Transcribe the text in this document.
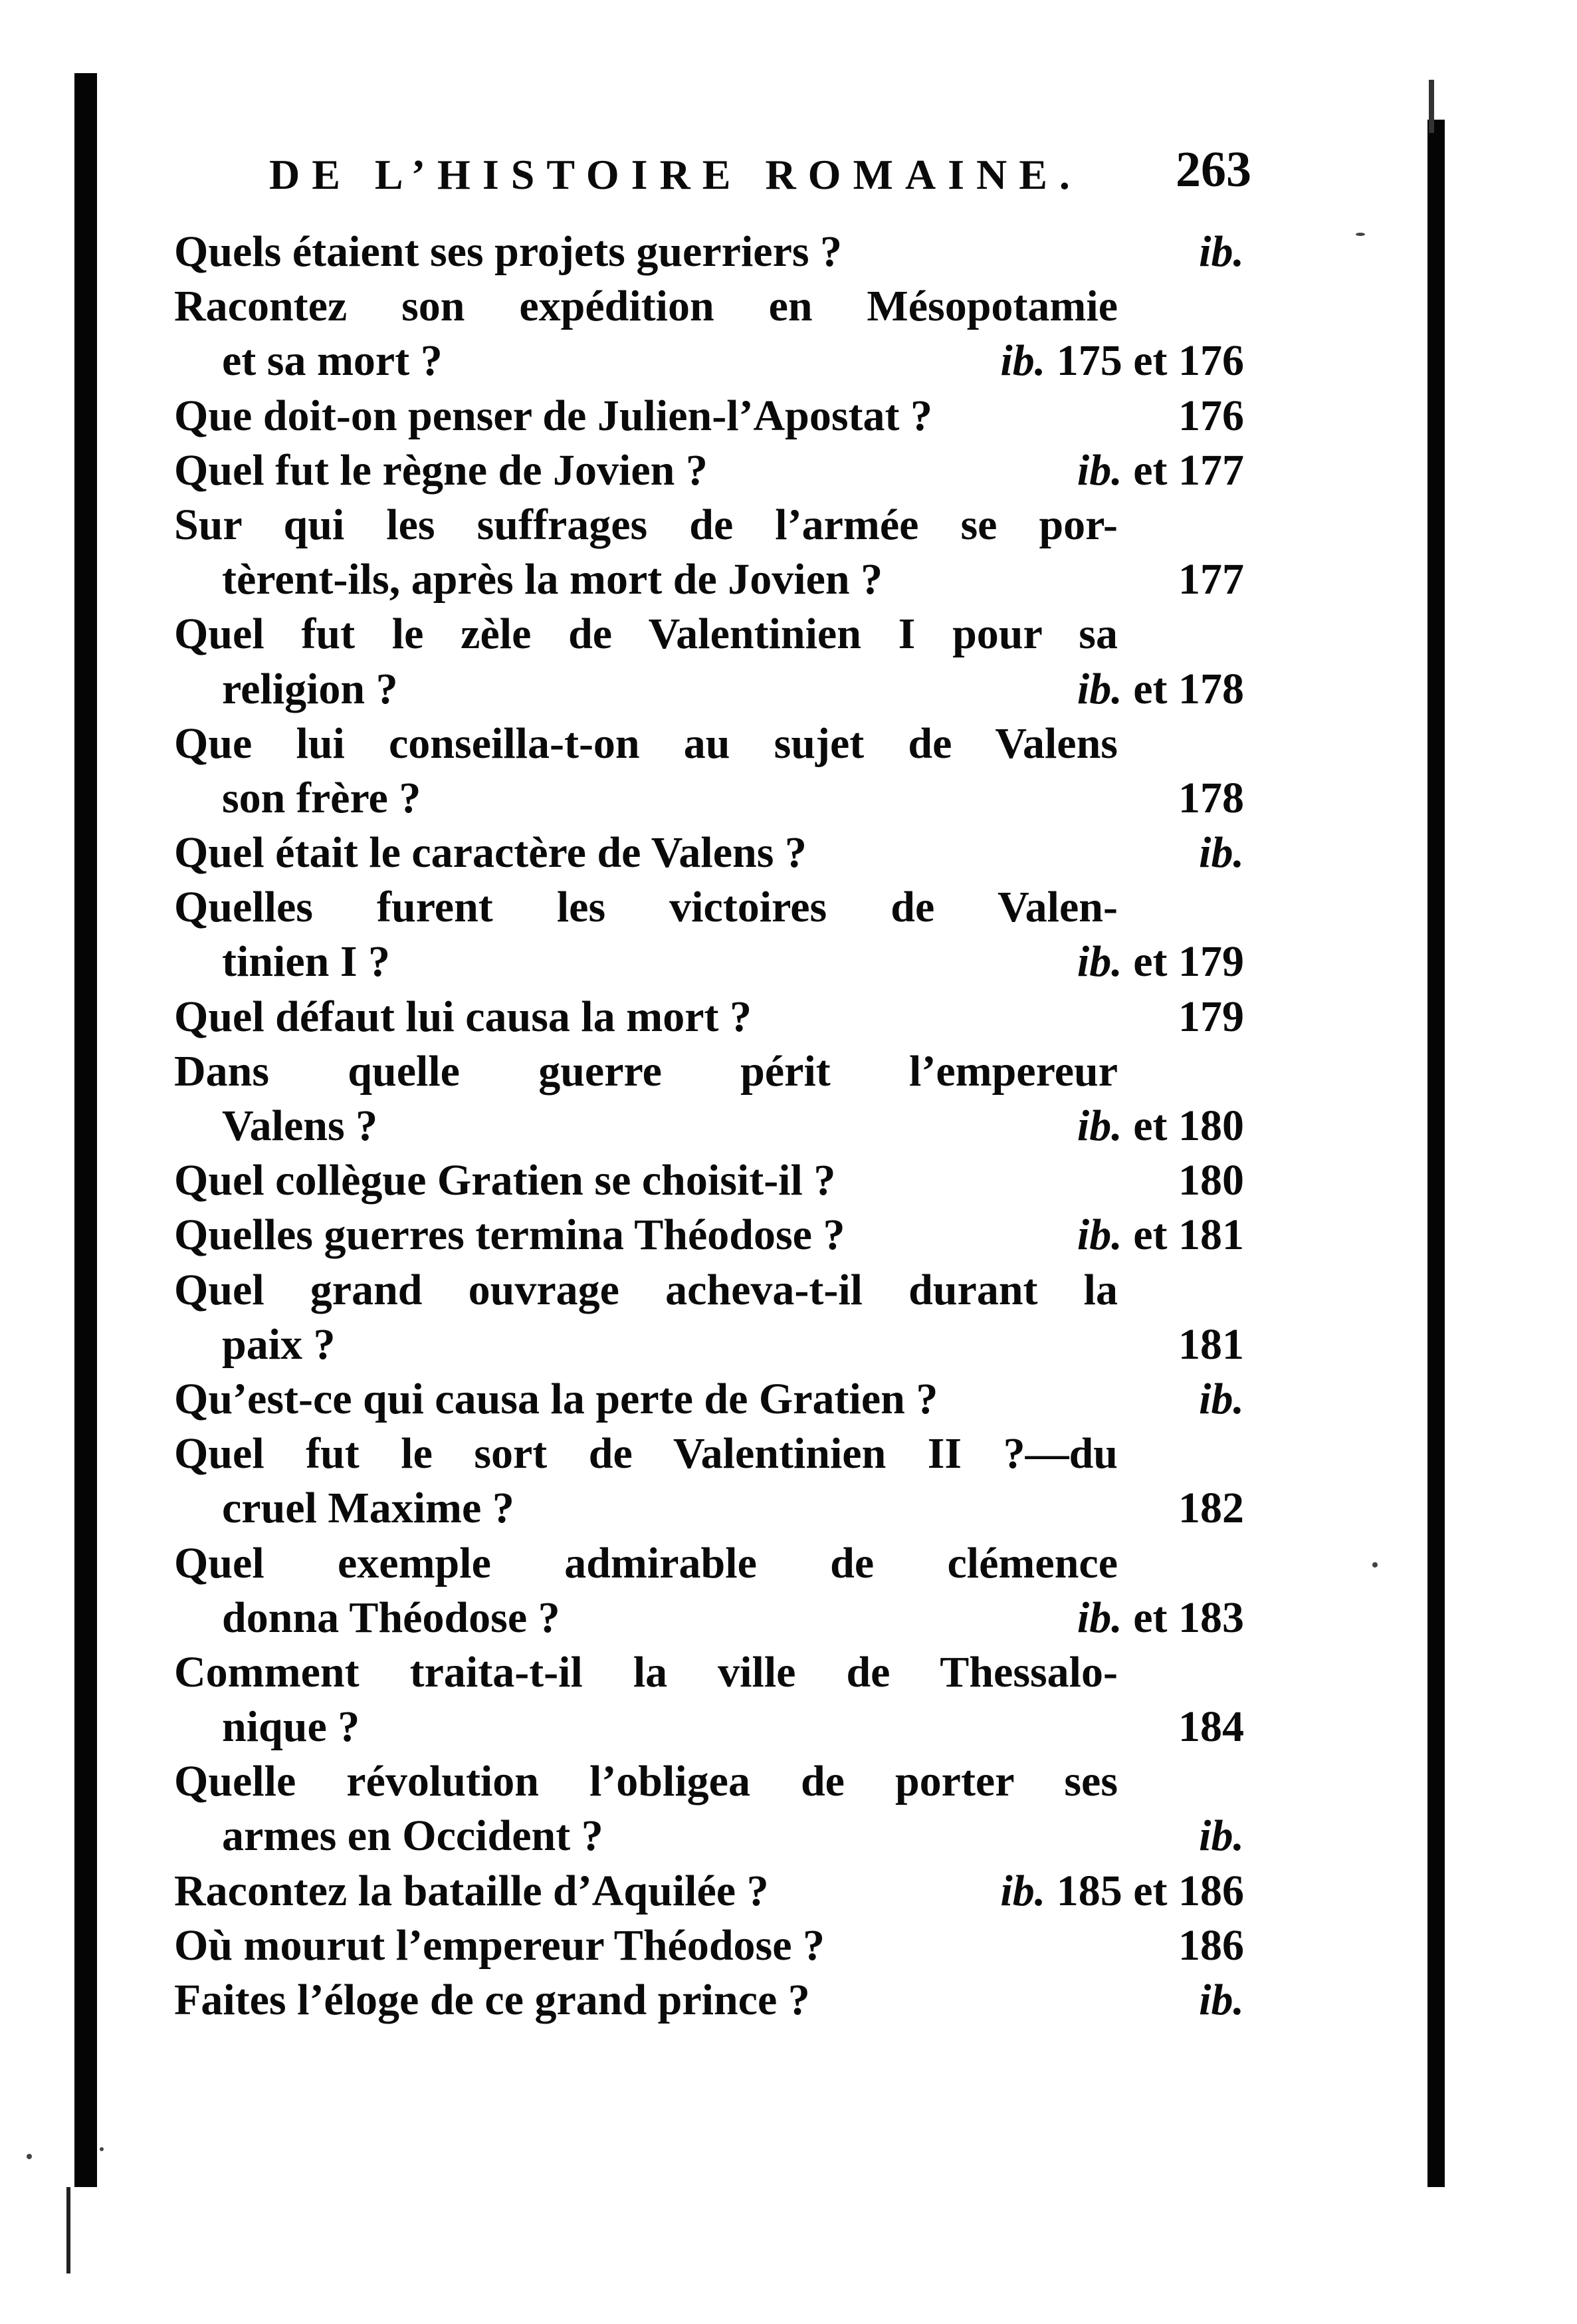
DE L’HISTOIRE ROMAINE. 263
Quels étaient ses projets guerriers ?	ib.
Racontez son expédition en Mésopotamie
et sa mort ?	ib. 175 et 176
Que doit-on penser de Julien-l’Apostat ?	176
Quel fut le règne de Jovien ?	ib. et 177
Sur qui les suffrages de l’armée se por-
tèrent-ils, après la mort de Jovien ?	177
Quel fut le zèle de Valentinien I pour sa
religion ?	ib. et 178
Que lui conseilla-t-on au sujet de Valens
son frère ?	178
Quel était le caractère de Valens ?	ib.
Quelles furent les victoires de Valen-
tinien I ?	ib. et 179
Quel défaut lui causa la mort ?	179
Dans quelle guerre périt l’empereur
Valens ?	ib. et 180
Quel collègue Gratien se choisit-il ?	180
Quelles guerres termina Théodose ?	ib. et 181
Quel grand ouvrage acheva-t-il durant la
paix ?	181
Qu’est-ce qui causa la perte de Gratien ?	ib.
Quel fut le sort de Valentinien II ?—du
cruel Maxime ?	182
Quel exemple admirable de clémence
donna Théodose ?	ib. et 183
Comment traita-t-il la ville de Thessalo-
nique ?	184
Quelle révolution l’obligea de porter ses
armes en Occident ?	ib.
Racontez la bataille d’Aquilée ?	ib. 185 et 186
Où mourut l’empereur Théodose ?	186
Faites l’éloge de ce grand prince ?	ib.
